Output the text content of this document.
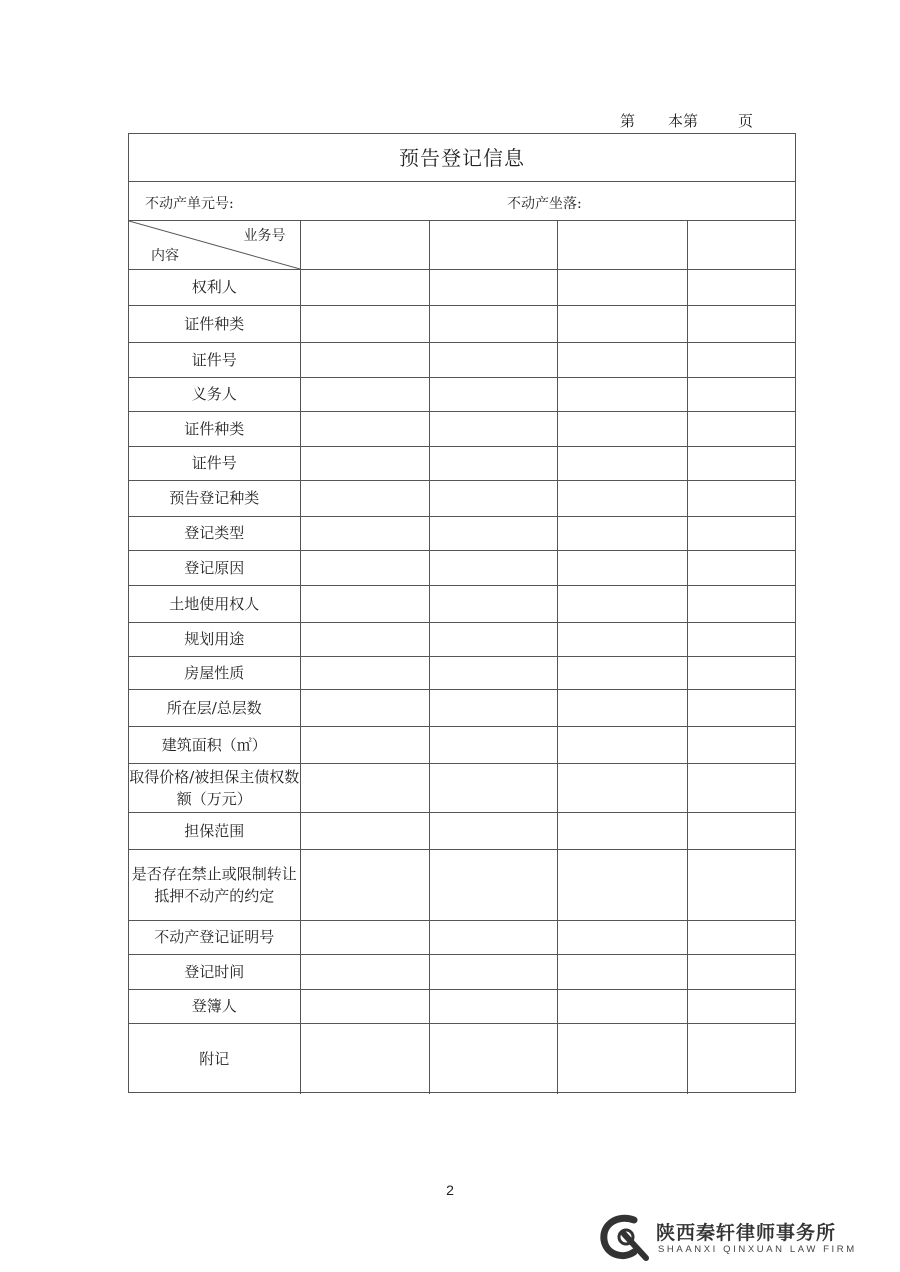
第 本第	页
预告登记信息
不动产单元号:	不动产坐落:
业务号
内容				

权利人				
证件种类				
证件号				
义务人				
证件种类				
证件号				
预告登记种类				
登记类型				
登记原因				
土地使用权人				
规划用途				
房屋性质				
所在层/总层数				
建筑面积（㎡）				
取得价格/被担保主债权数额（万元）				
担保范围				
是否存在禁止或限制转让抵押不动产的约定				
不动产登记证明号				
登记时间				
登簿人				
附记				
2
陕西秦轩律师事务所
SHAANXI QINXUAN LAW FIRM
